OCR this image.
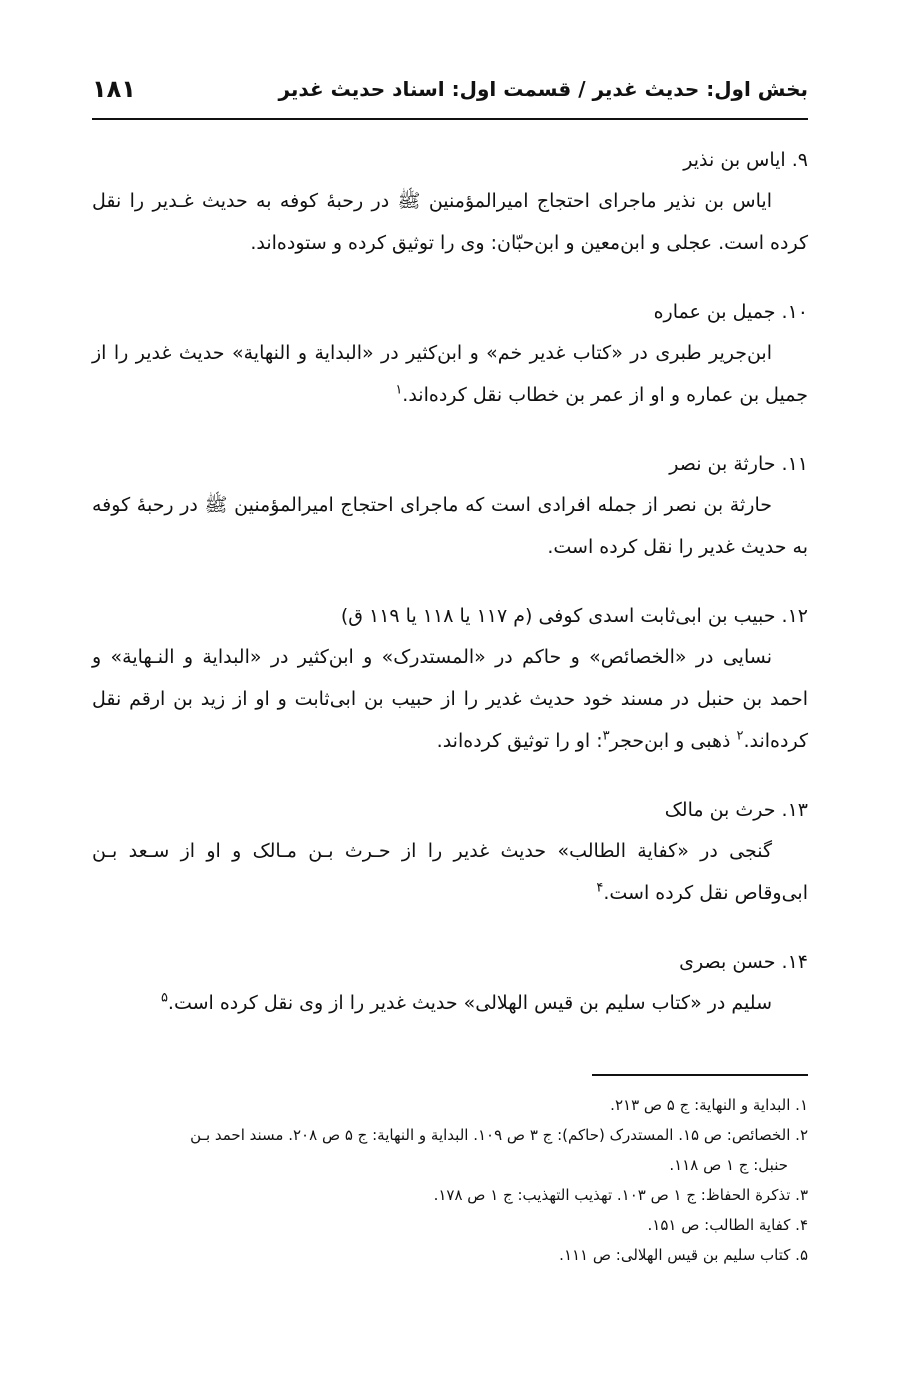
بخش اول: حدیث غدیر / قسمت اول: اسناد حدیث غدیر
۱۸۱
۹. ایاس بن نذیر

ایاس بن نذیر ماجرای احتجاج امیرالمؤمنین ﷺ در رحبهٔ کوفه به حدیث غـدیر را نقل کرده است. عجلی و ابن‌معین و ابن‌حبّان: وی را توثیق کرده و ستوده‌اند.

۱۰. جمیل بن عماره

ابن‌جریر طبری در «کتاب غدیر خم» و ابن‌کثیر در «البدایة و النهایة» حدیث غدیر را از جمیل بن عماره و او از عمر بن خطاب نقل کرده‌اند.$^۱$

۱۱. حارثة بن نصر

حارثة بن نصر از جمله افرادی است که ماجرای احتجاج امیرالمؤمنین ﷺ در رحبهٔ کوفه به حدیث غدیر را نقل کرده است.

۱۲. حبیب بن ابی‌ثابت اسدی کوفی (م ۱۱۷ یا ۱۱۸ یا ۱۱۹ ق)

نسایی در «الخصائص» و حاکم در «المستدرک» و ابن‌کثیر در «البدایة و النـهایة» و احمد بن حنبل در مسند خود حدیث غدیر را از حبیب بن ابی‌ثابت و او از زید بن ارقم نقل کرده‌اند.$^۲$ ذهبی و ابن‌حجر$^۳$: او را توثیق کرده‌اند.

۱۳. حرث بن مالک

گنجی در «کفایة الطالب» حدیث غدیر را از حـرث بـن مـالک و او از سـعد بـن ابی‌وقاص نقل کرده است.$^۴$

۱۴. حسن بصری

سلیم در «کتاب سلیم بن قیس الهلالی» حدیث غدیر را از وی نقل کرده است.$^۵$

۱. البدایة و النهایة: ج ۵ ص ۲۱۳.
۲. الخصائص: ص ۱۵. المستدرک (حاکم): ج ۳ ص ۱۰۹. البدایة و النهایة: ج ۵ ص ۲۰۸. مسند احمد بـن
حنبل: ج ۱ ص ۱۱۸.
۳. تذکرة الحفاظ: ج ۱ ص ۱۰۳. تهذیب التهذیب: ج ۱ ص ۱۷۸.
۴. کفایة الطالب: ص ۱۵۱.
۵. کتاب سلیم بن قیس الهلالی: ص ۱۱۱.
